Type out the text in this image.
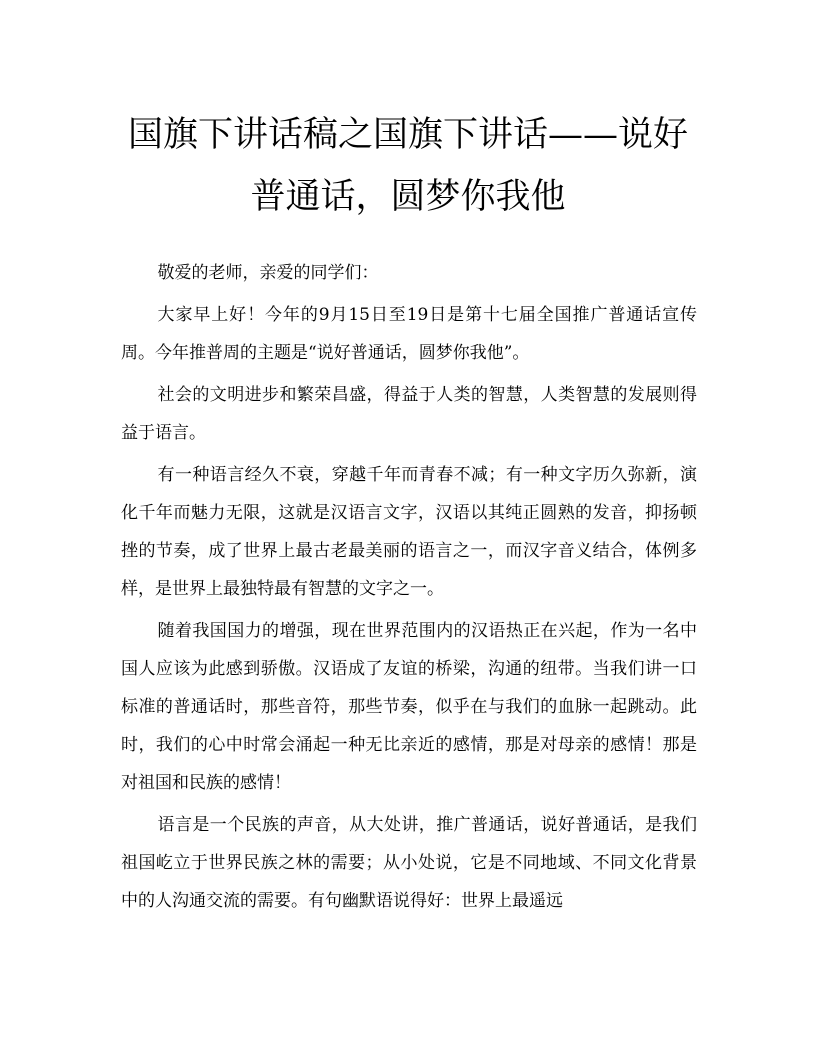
国旗下讲话稿之国旗下讲话——说好
普通话，圆梦你我他

敬爱的老师，亲爱的同学们：

大家早上好！今年的9月15日至19日是第十七届全国推广普通话宣传周。今年推普周的主题是“说好普通话，圆梦你我他”。

社会的文明进步和繁荣昌盛，得益于人类的智慧，人类智慧的发展则得益于语言。

有一种语言经久不衰，穿越千年而青春不减；有一种文字历久弥新，演化千年而魅力无限，这就是汉语言文字，汉语以其纯正圆熟的发音，抑扬顿挫的节奏，成了世界上最古老最美丽的语言之一，而汉字音义结合，体例多样，是世界上最独特最有智慧的文字之一。

随着我国国力的增强，现在世界范围内的汉语热正在兴起，作为一名中国人应该为此感到骄傲。汉语成了友谊的桥梁，沟通的纽带。当我们讲一口标准的普通话时，那些音符，那些节奏，似乎在与我们的血脉一起跳动。此时，我们的心中时常会涌起一种无比亲近的感情，那是对母亲的感情！那是对祖国和民族的感情！

语言是一个民族的声音，从大处讲，推广普通话，说好普通话，是我们祖国屹立于世界民族之林的需要；从小处说，它是不同地域、不同文化背景中的人沟通交流的需要。有句幽默语说得好：世界上最遥远
